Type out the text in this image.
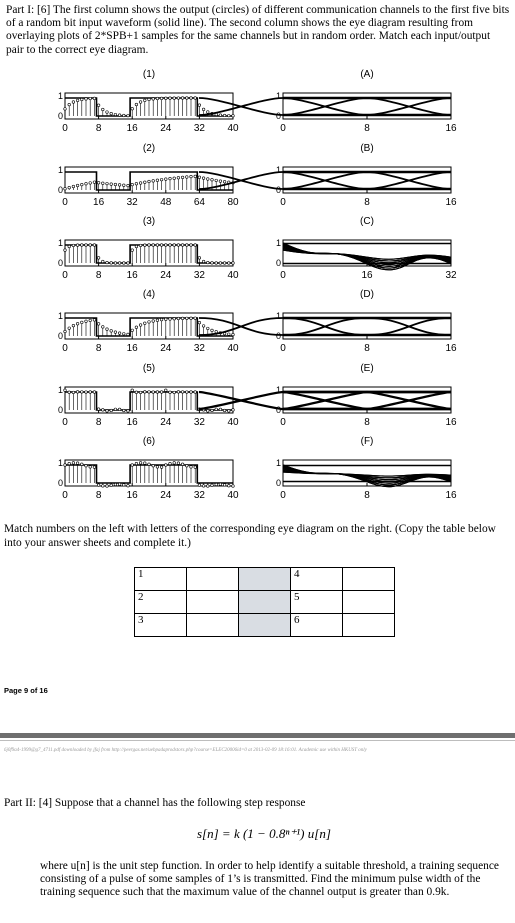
Part I: [6] The first column shows the output (circles) of different communication channels to the first five bits of a random bit input waveform (solid line). The second column shows the eye diagram resulting from overlaying plots of 2*SPB+1 samples for the same channels but in random order. Match each input/output pair to the correct eye diagram.
1
0
(1)
0	8	16	24	32	40
1
0
(2)
0	16	32	48	64	80
1
0
(3)
0	8	16	24	32	40
1
0
(4)
0	8	16	24	32	40
1
0
(5)
0	8	16	24	32	40
1
0
(6)
0	8	16	24	32	40
1
0
(A)
0	8	16
1
0
(B)
0	8	16
1
0
(C)
0	16	32
1
0
(D)
0	8	16
1
0
(E)
0	8	16
1
0
(F)
0	8	16
Match numbers on the left with letters of the corresponding eye diagram on the right. (Copy the table below into your answer sheets and complete it.)
1			4	
2			5	
3			6	
Page 9 of 16
6j0f9a4-1999@g7_4711.pdf downloaded by jfaj from http://peergas.net/uebpadaprodstors.php?course=ELEC20006id=0 at 2013-02-09 18:16:01. Academic use within HKUST only
Part II: [4] Suppose that a channel has the following step response
s[n] = k (1 − 0.8ⁿ⁺¹) u[n]
where u[n] is the unit step function. In order to help identify a suitable threshold, a training sequence consisting of a pulse of some samples of 1’s is transmitted. Find the minimum pulse width of the training sequence such that the maximum value of the channel output is greater than 0.9k.
